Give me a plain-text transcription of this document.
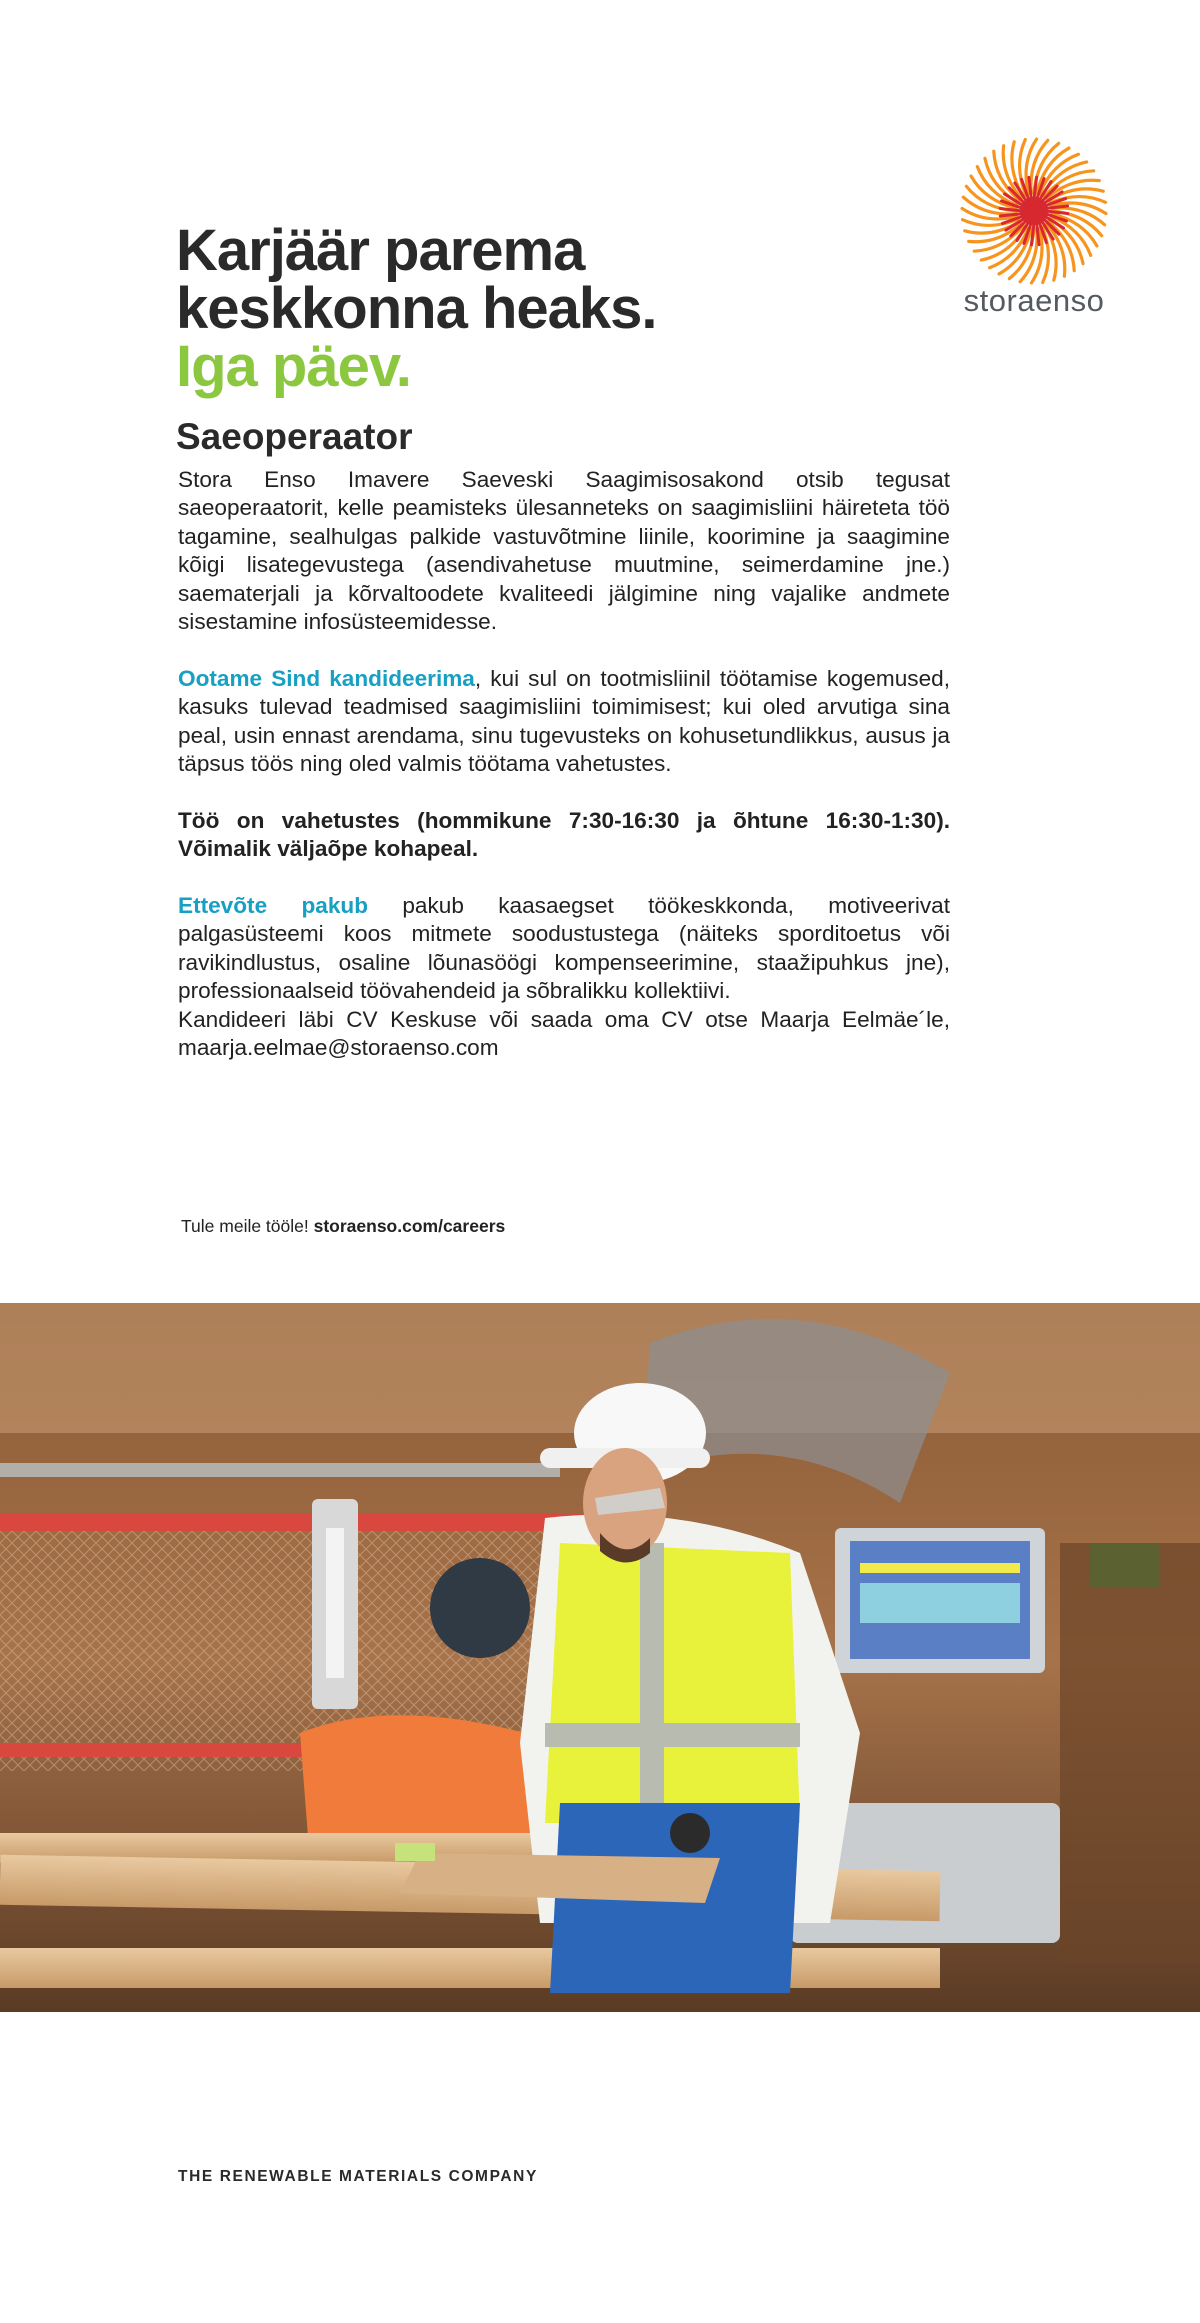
Karjäär parema
keskkonna heaks.
Iga päev.
storaenso
Saeoperaator

Stora Enso Imavere Saeveski Saagimisosakond otsib tegusat saeoperaatorit, kelle peamisteks ülesanneteks on saagimisliini häireteta töö tagamine, sealhulgas palkide vastuvõtmine liinile, koorimine ja saagimine kõigi lisategevustega (asendivahetuse muutmine, seimerdamine jne.) saematerjali ja kõrvaltoodete kvaliteedi jälgimine ning vajalike andmete sisestamine infosüsteemidesse.

Ootame Sind kandideerima, kui sul on tootmisliinil töötamise kogemused, kasuks tulevad teadmised saagimisliini toimimisest; kui oled arvutiga sina peal, usin ennast arendama, sinu tugevusteks on kohusetundlikkus, ausus ja täpsus töös ning oled valmis töötama vahetustes.

Töö on vahetustes (hommikune 7:30-16:30 ja õhtune 16:30-1:30). Võimalik väljaõpe kohapeal.

Ettevõte pakub pakub kaasaegset töökeskkonda, motiveerivat palgasüsteemi koos mitmete soodustustega (näiteks sporditoetus või ravikindlustus, osaline lõunasöögi kompenseerimine, staažipuhkus jne), professionaalseid töövahendeid ja sõbralikku kollektiivi.

Kandideeri läbi CV Keskuse või saada oma CV otse Maarja Eelmäe´le, maarja.eelmae@storaenso.com

Tule meile tööle! storaenso.com/careers
THE RENEWABLE MATERIALS COMPANY
